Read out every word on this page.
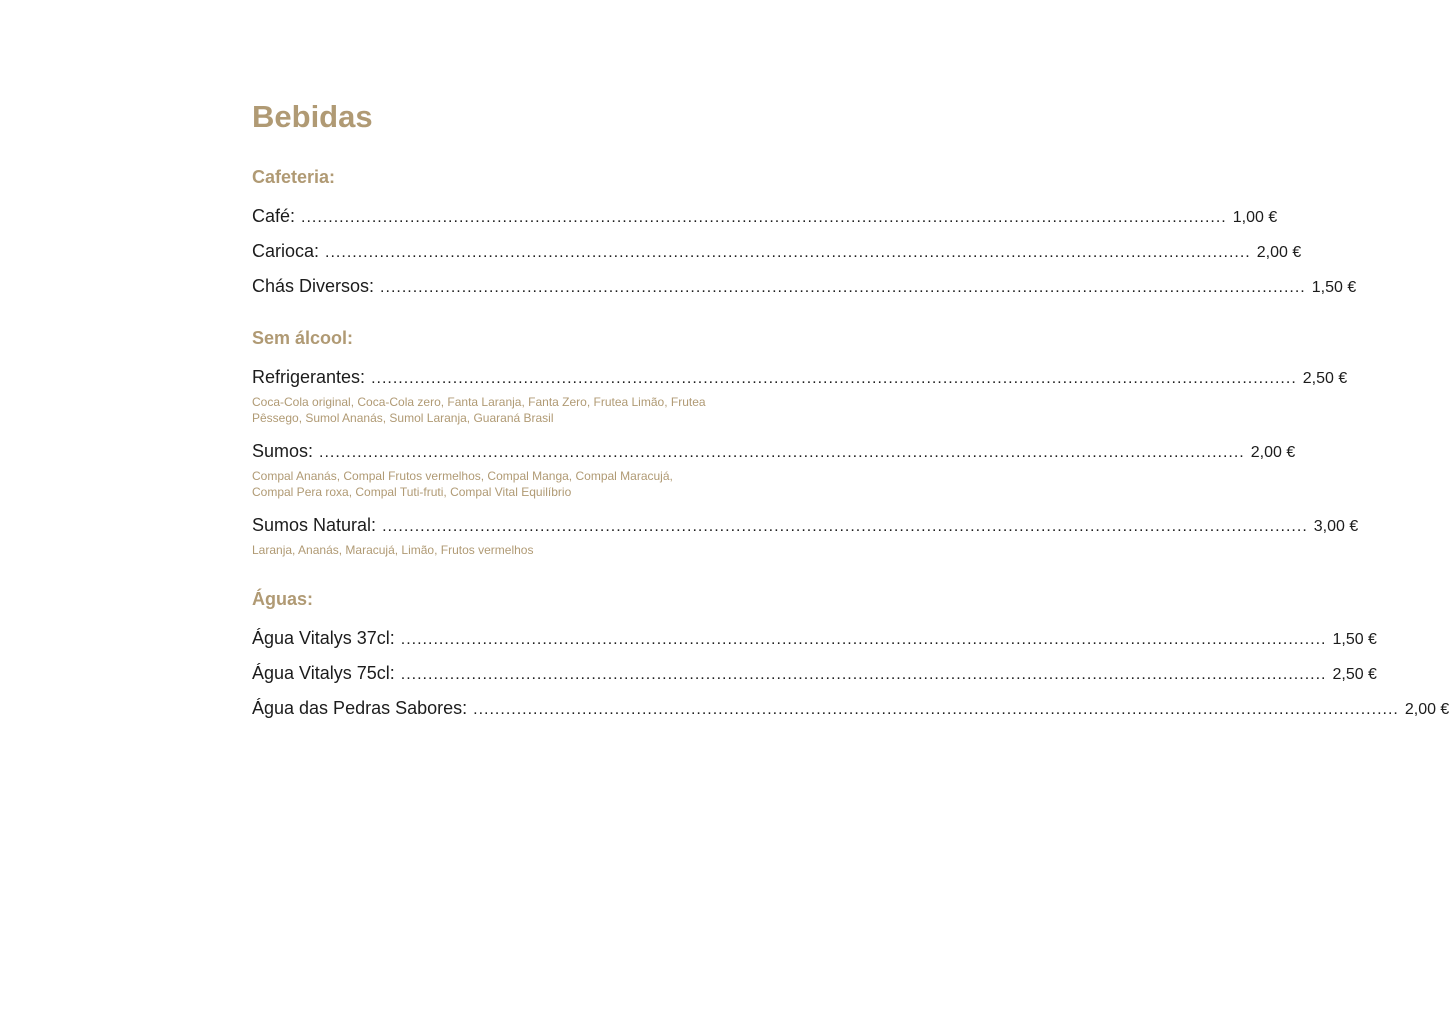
Bebidas
Cafeteria:
Café: .......................................................................................................................................................................... 1,00 €
Carioca: .......................................................................................................................................................................... 2,00 €
Chás Diversos: .......................................................................................................................................................................... 1,50 €
Sem álcool:
Refrigerantes: .......................................................................................................................................................................... 2,50 €
Coca-Cola original, Coca-Cola zero, Fanta Laranja, Fanta Zero, Frutea Limão, Frutea Pêssego, Sumol Ananás, Sumol Laranja, Guaraná Brasil
Sumos: .......................................................................................................................................................................... 2,00 €
Compal Ananás, Compal Frutos vermelhos, Compal Manga, Compal Maracujá, Compal Pera roxa, Compal Tuti-fruti, Compal Vital Equilíbrio
Sumos Natural: .......................................................................................................................................................................... 3,00 €
Laranja, Ananás, Maracujá, Limão, Frutos vermelhos
Águas:
Água Vitalys 37cl: .......................................................................................................................................................................... 1,50 €
Água Vitalys 75cl: .......................................................................................................................................................................... 2,50 €
Água das Pedras Sabores: .......................................................................................................................................................................... 2,00 €
